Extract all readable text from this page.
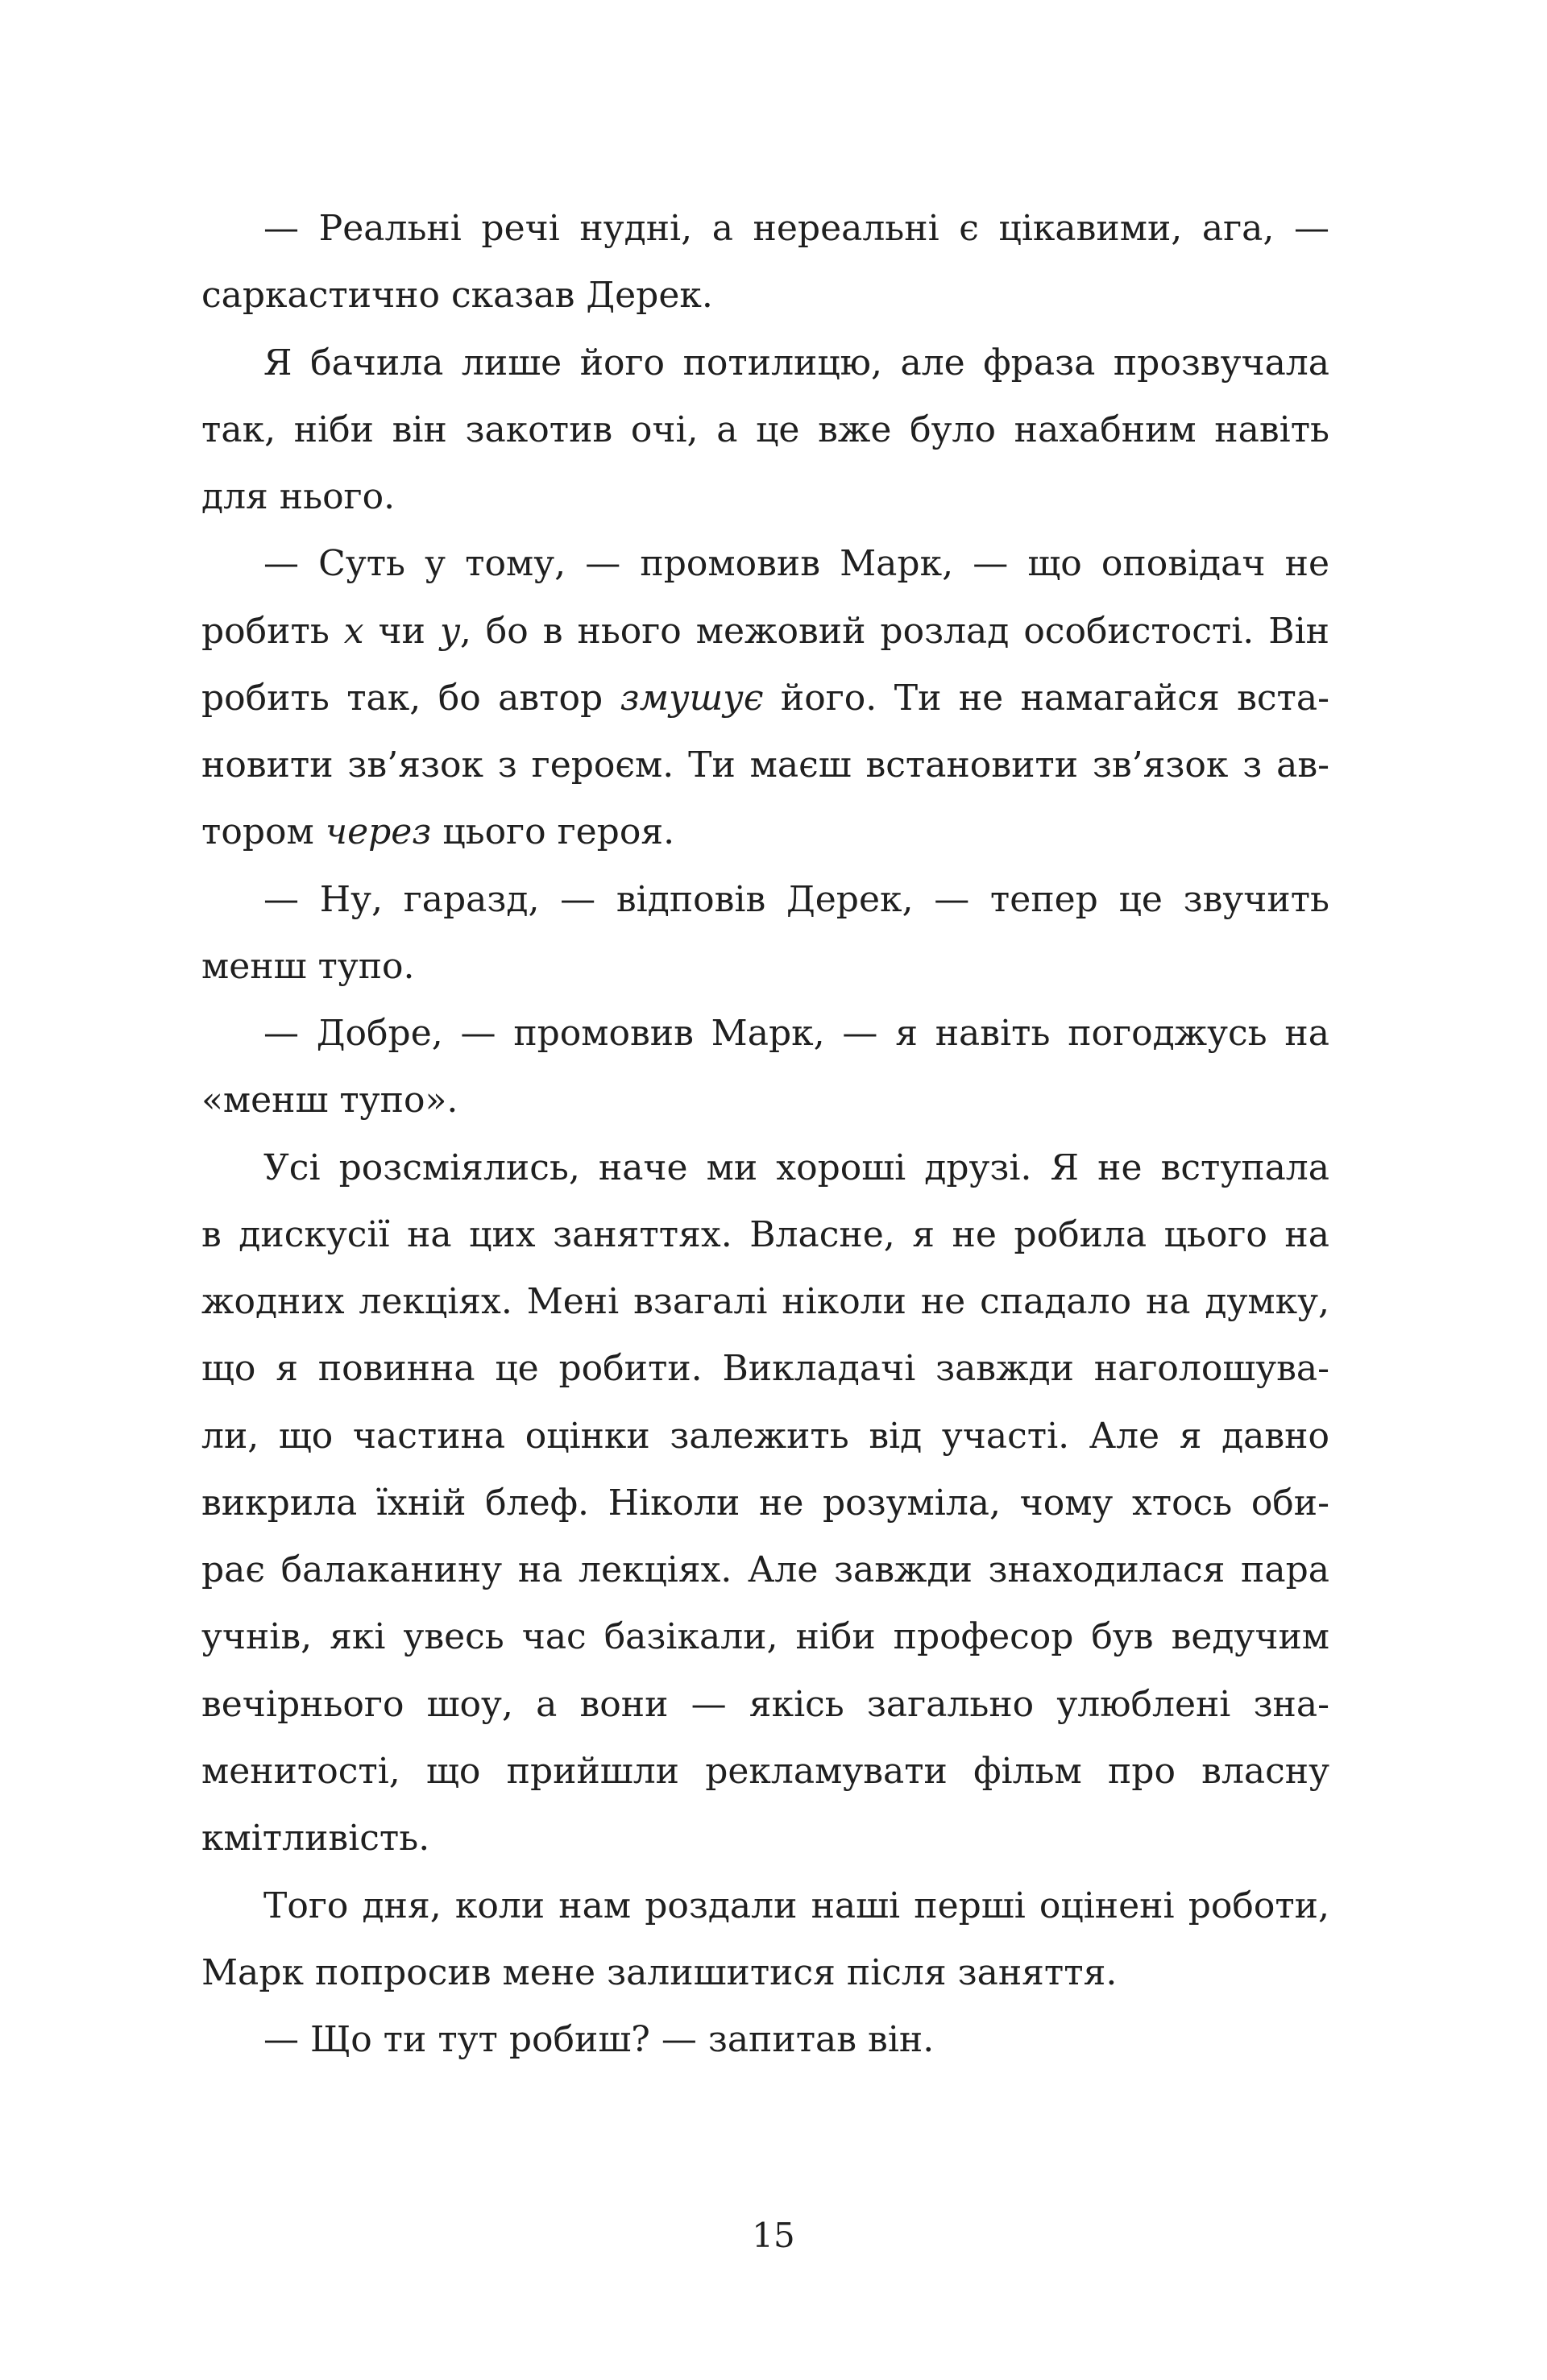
— Реальні речі нудні, а нереальні є цікавими, ага, —
саркастично сказав Дерек.
Я бачила лише його потилицю, але фраза прозвучала
так, ніби він закотив очі, а це вже було нахабним навіть
для нього.
— Суть у тому, — промовив Марк, — що оповідач не
робить x чи y, бо в нього межовий розлад особистості. Він
робить так, бо автор змушує його. Ти не намагайся вста-
новити зв’язок з героєм. Ти маєш встановити зв’язок з ав-
тором через цього героя.
— Ну, гаразд, — відповів Дерек, — тепер це звучить
менш тупо.
— Добре, — промовив Марк, — я навіть погоджусь на
«менш тупо».
Усі розсміялись, наче ми хороші друзі. Я не вступала
в дискусії на цих заняттях. Власне, я не робила цього на
жодних лекціях. Мені взагалі ніколи не спадало на думку,
що я повинна це робити. Викладачі завжди наголошува-
ли, що частина оцінки залежить від участі. Але я давно
викрила їхній блеф. Ніколи не розуміла, чому хтось оби-
рає балаканину на лекціях. Але завжди знаходилася пара
учнів, які увесь час базікали, ніби професор був ведучим
вечірнього шоу, а вони — якісь загально улюблені зна-
менитості, що прийшли рекламувати фільм про власну
кмітливість.
Того дня, коли нам роздали наші перші оцінені роботи,
Марк попросив мене залишитися після заняття.
— Що ти тут робиш? — запитав він.
15
